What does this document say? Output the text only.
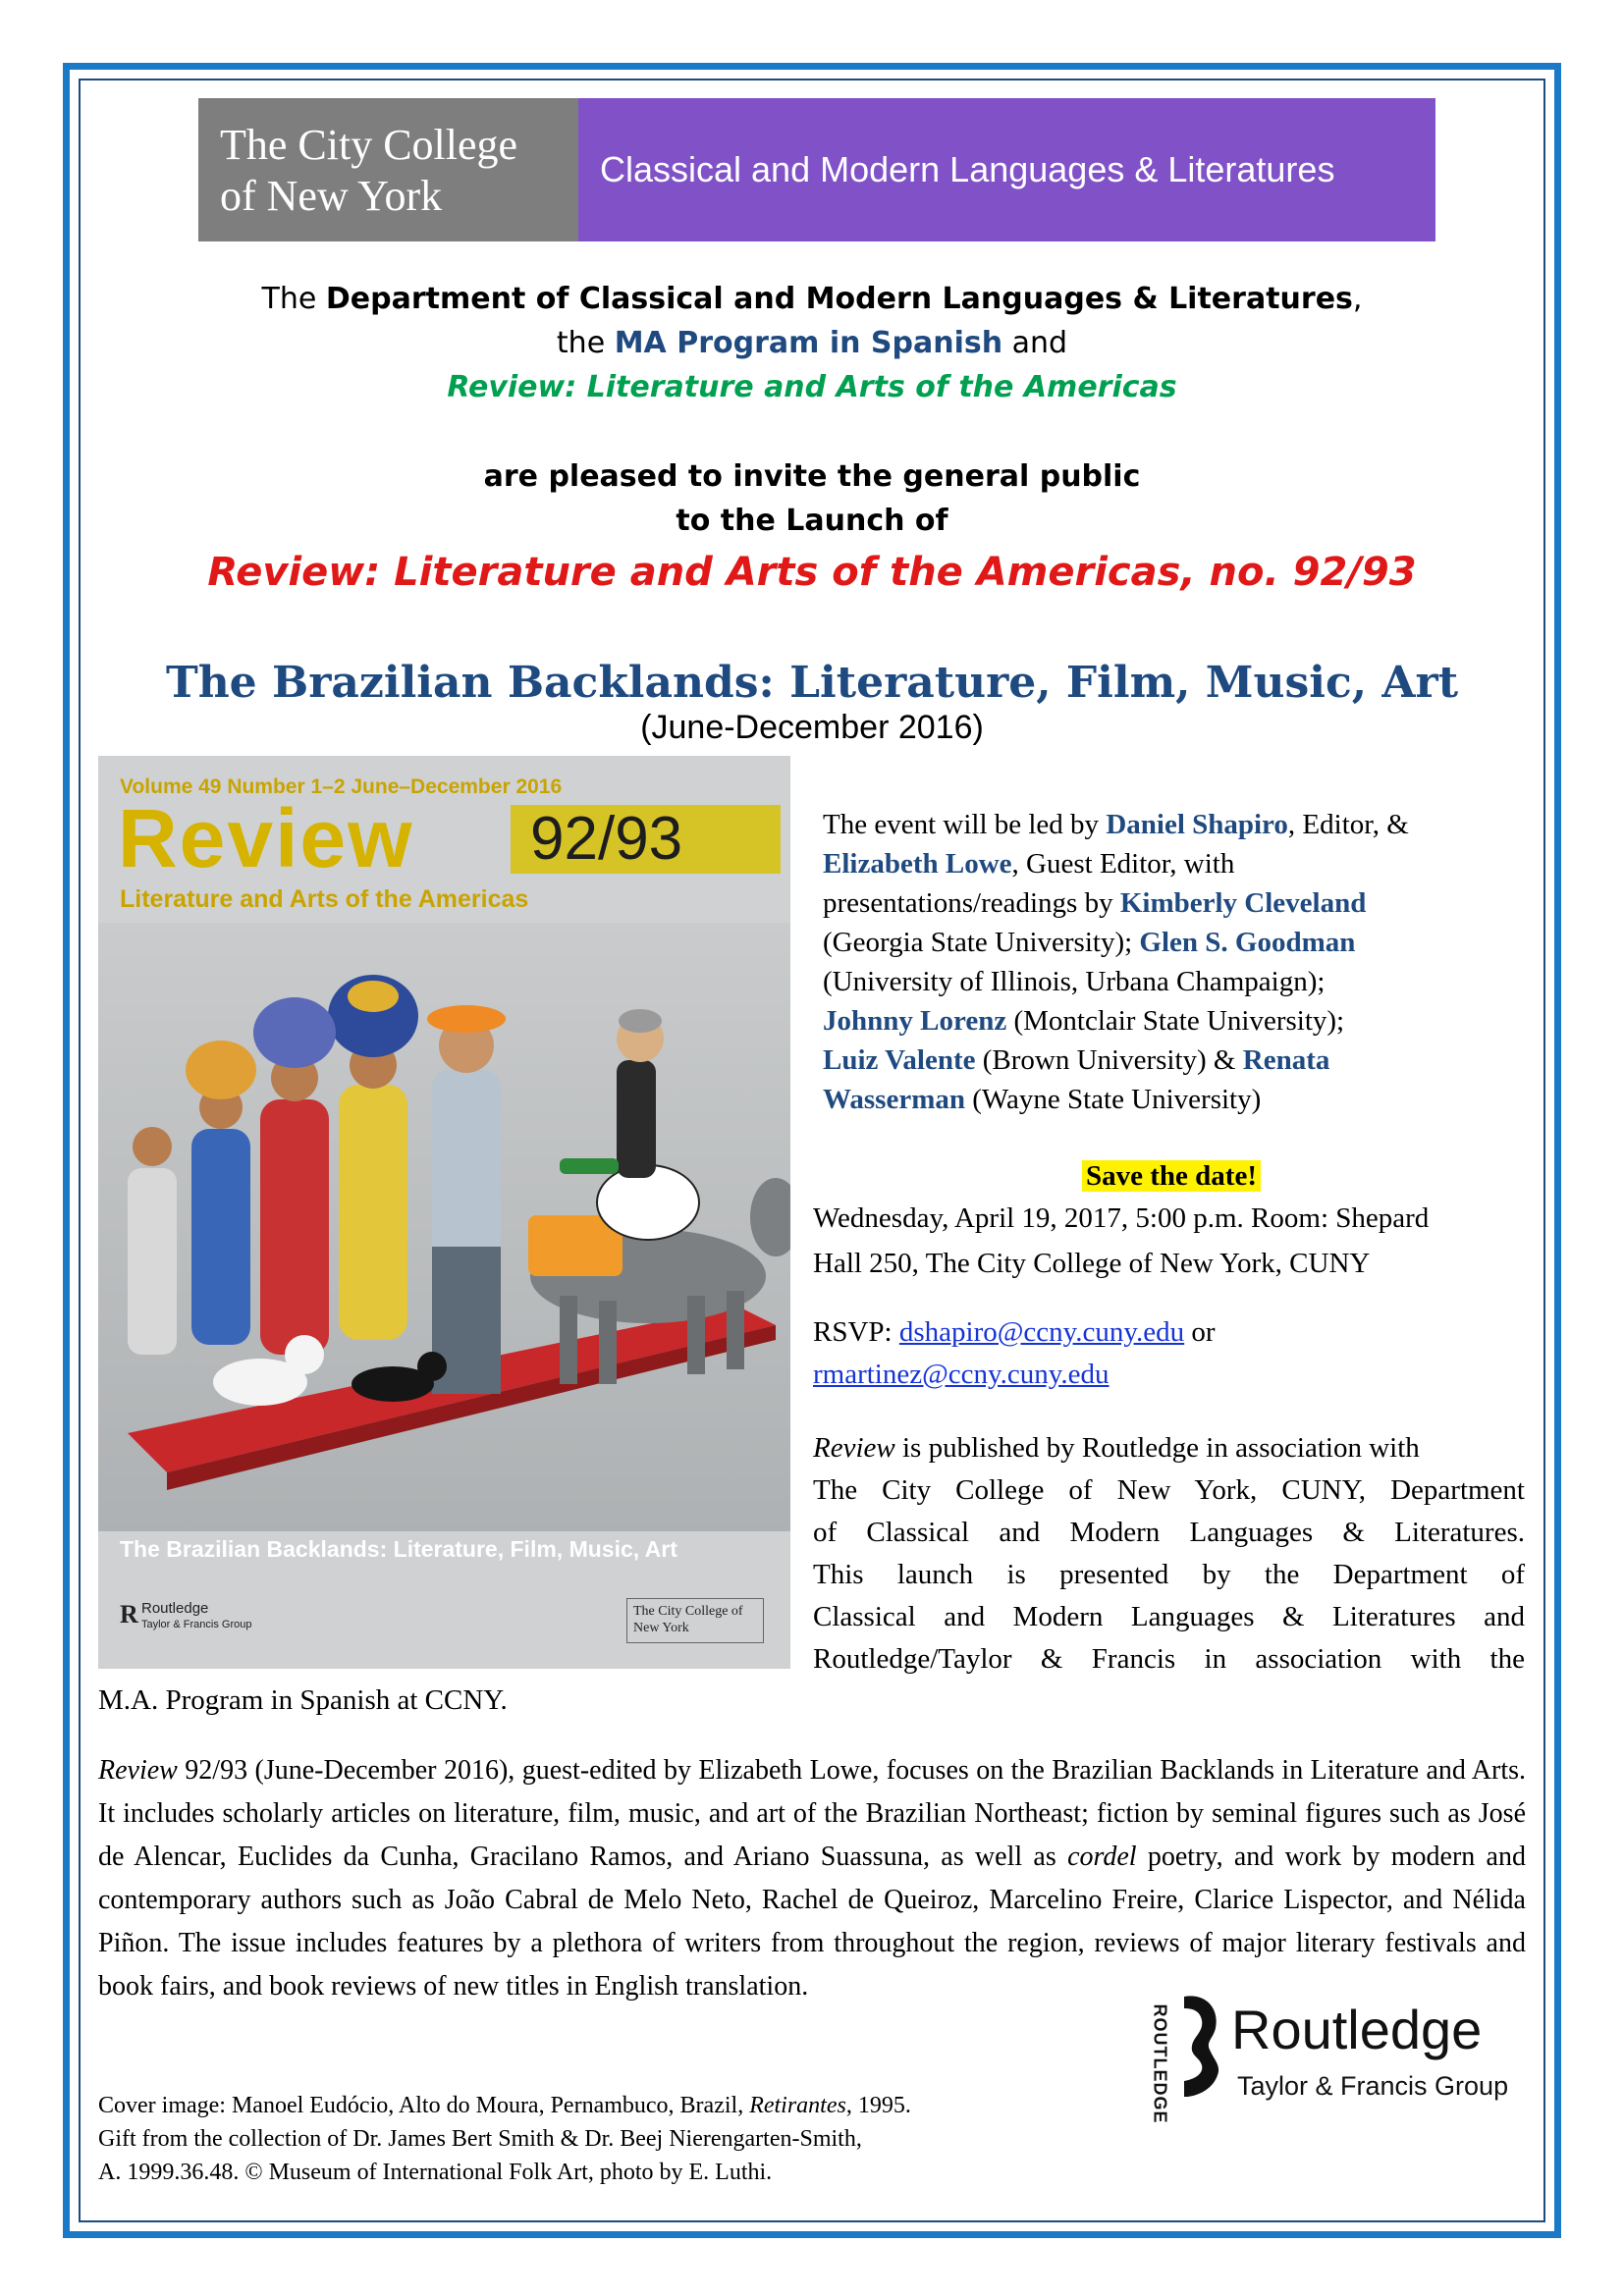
The City College
of New York
Classical and Modern Languages & Literatures
The Department of Classical and Modern Languages & Literatures,
the MA Program in Spanish and
Review: Literature and Arts of the Americas
are pleased to invite the general public
to the Launch of
Review: Literature and Arts of the Americas, no. 92/93
The Brazilian Backlands: Literature, Film, Music, Art
(June-December 2016)
Volume 49 Number 1–2 June–December 2016
Review	92/93
Literature and Arts of the Americas
The Brazilian Backlands: Literature, Film, Music, Art
R Routledge
Taylor & Francis Group
The City College of New York
The event will be led by Daniel Shapiro, Editor, &
Elizabeth Lowe, Guest Editor, with
presentations/readings by Kimberly Cleveland
(Georgia State University); Glen S. Goodman
(University of Illinois, Urbana Champaign);
Johnny Lorenz (Montclair State University);
Luiz Valente (Brown University) & Renata
Wasserman (Wayne State University)
Save the date!
Wednesday, April 19, 2017, 5:00 p.m. Room: Shepard
Hall 250, The City College of New York, CUNY
RSVP: dshapiro@ccny.cuny.edu or
rmartinez@ccny.cuny.edu
Review is published by Routledge in association with
The City College of New York, CUNY, Department
of Classical and Modern Languages & Literatures.
This launch is presented by the Department of
Classical and Modern Languages & Literatures and
Routledge/Taylor & Francis in association with the
M.A. Program in Spanish at CCNY.

Review 92/93 (June-December 2016), guest-edited by Elizabeth Lowe, focuses on the Brazilian Backlands in Literature and Arts. It includes scholarly articles on literature, film, music, and art of the Brazilian Northeast; fiction by seminal figures such as José de Alencar, Euclides da Cunha, Gracilano Ramos, and Ariano Suassuna, as well as cordel poetry, and work by modern and contemporary authors such as João Cabral de Melo Neto, Rachel de Queiroz, Marcelino Freire, Clarice Lispector, and Nélida Piñon. The issue includes features by a plethora of writers from throughout the region, reviews of major literary festivals and book fairs, and book reviews of new titles in English translation.

Cover image: Manoel Eudócio, Alto do Moura, Pernambuco, Brazil, Retirantes, 1995.
Gift from the collection of Dr. James Bert Smith & Dr. Beej Nierengarten-Smith,
A. 1999.36.48. © Museum of International Folk Art, photo by E. Luthi.
ROUTLEDGE Routledge
Taylor & Francis Group
